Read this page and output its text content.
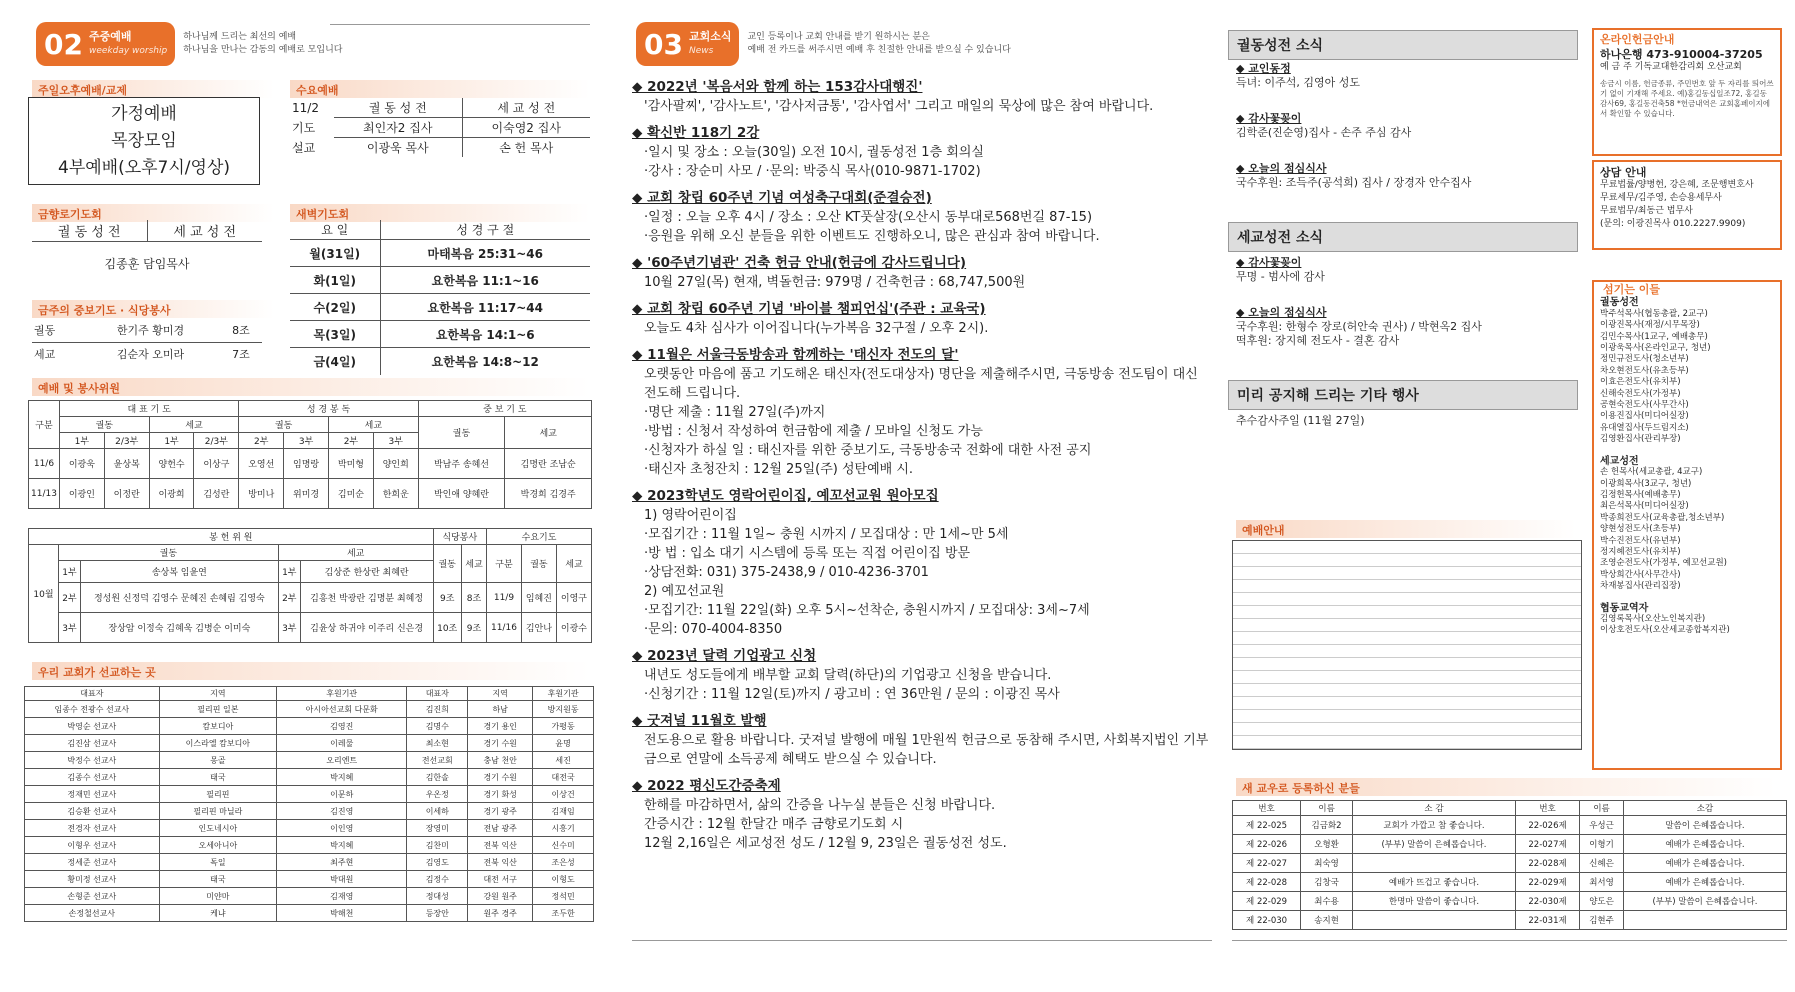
02 주중예배
weekday worship
하나님께 드리는 최선의 예배
하나님을 만나는 감동의 예배로 모입니다
주일오후예배/교제
가정예배
목장모임
4부예배(오후7시/영상)
수요예배
11/2	궐 동 성 전	세 교 성 전
기도	최인자2 집사	이숙영2 집사
설교	이광욱 목사	손 헌 목사
금향로기도회
궐 동 성 전	세 교 성 전
김종훈 담임목사
새벽기도회
요 일	성 경 구 절
월(31일)	마태복음 25:31~46
화(1일)	요한복음 11:1~16
수(2일)	요한복음 11:17~44
목(3일)	요한복음 14:1~6
금(4일)	요한복음 14:8~12
금주의 중보기도 · 식당봉사
궐동	한기주 황미경	8조
세교	김순자 오미라	7조
예배 및 봉사위원
구분	대 표 기 도				성 경 봉 독				중 보 기 도	
	궐동		세교		궐동		세교		궐동	세교
	1부	2/3부	1부	2/3부	2부	3부	2부	3부		
11/6	이광욱	윤상복	양헌수	이상구	오영선	임명랑	박미형	양인희	박남주 송혜선	김명란 조남순
11/13	이광인	이정란	이광희	김성란	방미나	위미경	김미순	한희운	박인애 양혜란	박경희 김경주
봉 헌 위 원					식당봉사		수요기도		
10월	궐동		세교		궐동	세교	구분	궐동	세교
	1부	송상복 임윤연	1부	김상준 한상란 최혜란					
	2부	정성원 신정덕 김영수 문혜진 손혜림 김영숙	2부	김흥천 박광란 김명분 최혜정	9조	8조	11/9	임혜진	이영구
	3부	장상암 이정숙 김혜욱 김병순 이미숙	3부	김윤상 하귀야 이주리 신은경	10조	9조	11/16	김안나	이광수
우리 교회가 선교하는 곳
대표자	지역	후원기관	대표자	지역	후원기관
임종수 전광수 선교사	필리핀 일본	아시아선교회 다문화	김진희	하남	방지원동
박영순 선교사	캄보디아	김영진	김명수	경기 용인	가평동
김진삼 선교사	이스라엘 캄보디아	이레물	최소현	경기 수원	윤명
박정수 선교사	몽골	오리엔트	전선교회	충남 천안	세진
김종수 선교사	태국	박지혜	김한솔	경기 수원	대전국
정재민 선교사	필리핀	이문하	우온정	경기 화성	이상건
김승환 선교사	필리핀 마닐라	김진영	이세하	경기 광주	김재임
전경자 선교사	인도네시아	이인영	장영미	전남 광주	시흥기
이형우 선교사	오세아니아	박지혜	김찬미	전북 익산	신수미
정세준 선교사	독일	최주현	김영도	전북 익산	조은성
황미정 선교사	태국	박대원	김정수	대전 서구	이형도
손형준 선교사	미얀마	김재영	정대성	강원 원주	정석민
손정철선교사	케냐	박해천	등장안	원주 경주	조두한
03 교회소식
News
교인 등록이나 교회 안내를 받기 원하시는 분은
예배 전 카드를 써주시면 예배 후 친절한 안내를 받으실 수 있습니다
◆ 2022년 '복음서와 함께 하는 153감사대행진'

'감사팔찌', '감사노트', '감사저금통', '감사엽서' 그리고 매일의 묵상에 많은 참여 바랍니다.

◆ 확신반 118기 2강

·일시 및 장소 : 오늘(30일) 오전 10시, 궐동성전 1층 회의실

·강사 : 장순미 사모 / ·문의: 박중식 목사(010-9871-1702)

◆ 교회 창립 60주년 기념 여성축구대회(준결승전)

·일정 : 오늘 오후 4시 / 장소 : 오산 KT풋살장(오산시 동부대로568번길 87-15)

·응원을 위해 오신 분들을 위한 이벤트도 진행하오니, 많은 관심과 참여 바랍니다.

◆ '60주년기념관' 건축 헌금 안내(헌금에 감사드립니다)

10월 27일(목) 현재, 벽돌헌금: 979명 / 건축헌금 : 68,747,500원

◆ 교회 창립 60주년 기념 '바이블 챔피언십'(주관 : 교육국)

오늘도 4차 심사가 이어집니다(누가복음 32구절 / 오후 2시).

◆ 11월은 서울극동방송과 함께하는 '태신자 전도의 달'

오랫동안 마음에 품고 기도해온 태신자(전도대상자) 명단을 제출해주시면, 극동방송 전도팀이 대신 전도해 드립니다.

·명단 제출 : 11월 27일(주)까지

·방법 : 신청서 작성하여 헌금함에 제출 / 모바일 신청도 가능

·신청자가 하실 일 : 태신자를 위한 중보기도, 극동방송국 전화에 대한 사전 공지

·태신자 초청잔치 : 12월 25일(주) 성탄예배 시.

◆ 2023학년도 영락어린이집, 예꼬선교원 원아모집

1) 영락어린이집

·모집기간 : 11월 1일~ 충원 시까지 / 모집대상 : 만 1세~만 5세

·방 법 : 입소 대기 시스템에 등록 또는 직접 어린이집 방문

·상담전화: 031) 375-2438,9 / 010-4236-3701

2) 예꼬선교원

·모집기간: 11월 22일(화) 오후 5시~선착순, 충원시까지 / 모집대상: 3세~7세

·문의: 070-4004-8350

◆ 2023년 달력 기업광고 신청

내년도 성도들에게 배부할 교회 달력(하단)의 기업광고 신청을 받습니다.

·신청기간 : 11월 12일(토)까지 / 광고비 : 연 36만원 / 문의 : 이광진 목사

◆ 굿져널 11월호 발행

전도용으로 활용 바랍니다. 굿져널 발행에 매월 1만원씩 헌금으로 동참해 주시면, 사회복지법인 기부금으로 연말에 소득공제 혜택도 받으실 수 있습니다.

◆ 2022 평신도간증축제

한해를 마감하면서, 삶의 간증을 나누실 분들은 신청 바랍니다.

간증시간 : 12월 한달간 매주 금향로기도회 시

12월 2,16일은 세교성전 성도 / 12월 9, 23일은 궐동성전 성도.

궐동성전 소식
◆ 교인동정
득녀: 이주석, 김영아 성도
◆ 감사꽃꽂이
김학준(진순영)집사 - 손주 주심 감사
◆ 오늘의 점심식사
국수후원: 조득주(공석희) 집사 / 장경자 안수집사
세교성전 소식
◆ 감사꽃꽂이
무명 - 범사에 감사
◆ 오늘의 점심식사
국수후원: 한형수 장로(허안숙 권사) / 박현옥2 집사
떡후원: 장지혜 전도사 - 결혼 감사
미리 공지해 드리는 기타 행사
추수감사주일 (11월 27일)
온라인헌금안내
하나은행 473-910004-37205
예 금 주 기독교대한감리회 오산교회
송금시 이름, 헌금종류, 주민번호 앞 두 자리를 띄어쓰기 없이 기재해 주세요. 예)홍길동십일조72, 홍길동감사69, 홍길동건축58 *헌금내역은 교회홈페이지에서 확인할 수 있습니다.
상담 안내
무료법률/양병헌, 강은혜, 조문행변호사
무료세무/김주영, 손승용세무사
무료법무/최동근 법무사
(문의: 이광진목사 010.2227.9909)
섬기는 이들
궐동성전
박주석목사(협동총괄, 2교구)
이광진목사(재정/시무목장)
김민수목사(1교구, 예배총무)
이광욱목사(온라인교구, 청년)
정민규전도사(청소년부)
차오현전도사(유초등부)
이효은전도사(유치부)
신해숙전도사(가정부)
공현숙전도사(사무간사)
이용진집사(미디어실장)
유대열집사(두드림지소)
김영환집사(관리부장)
세교성전
손 헌목사(세교총괄, 4교구)
이광희목사(3교구, 청년)
김정헌목사(예배총무)
최은석목사(미디어실장)
박종희전도사(교육총괄,청소년부)
양현성전도사(초등부)
박수진전도사(유년부)
정지혜전도사(유치부)
조영순전도사(가정부, 예꼬선교원)
박상희간사(사무간사)
차재봉집사(관리집장)
협동교역자
김영록목사(오산노인복지관)
이상호전도사(오산세교종합복지관)
예배안내
새 교우로 등록하신 분들
번호	이름	소 감	번호	이름	소감
제 22-025	김금화2	교회가 가깝고 참 좋습니다.	22-026제	우성근	말씀이 은혜롭습니다.
제 22-026	오형환	(부부) 말씀이 은혜롭습니다.	22-027제	이형기	예배가 은혜롭습니다.
제 22-027	최숙영		22-028제	신혜은	예배가 은혜롭습니다.
제 22-028	김창국	예배가 뜨겁고 좋습니다.	22-029제	최서영	예배가 은혜롭습니다.
제 22-029	최수용	한명마 말씀이 좋습니다.	22-030제	양도은	(부부) 말씀이 은혜롭습니다.
제 22-030	송지현		22-031제	김현주	
